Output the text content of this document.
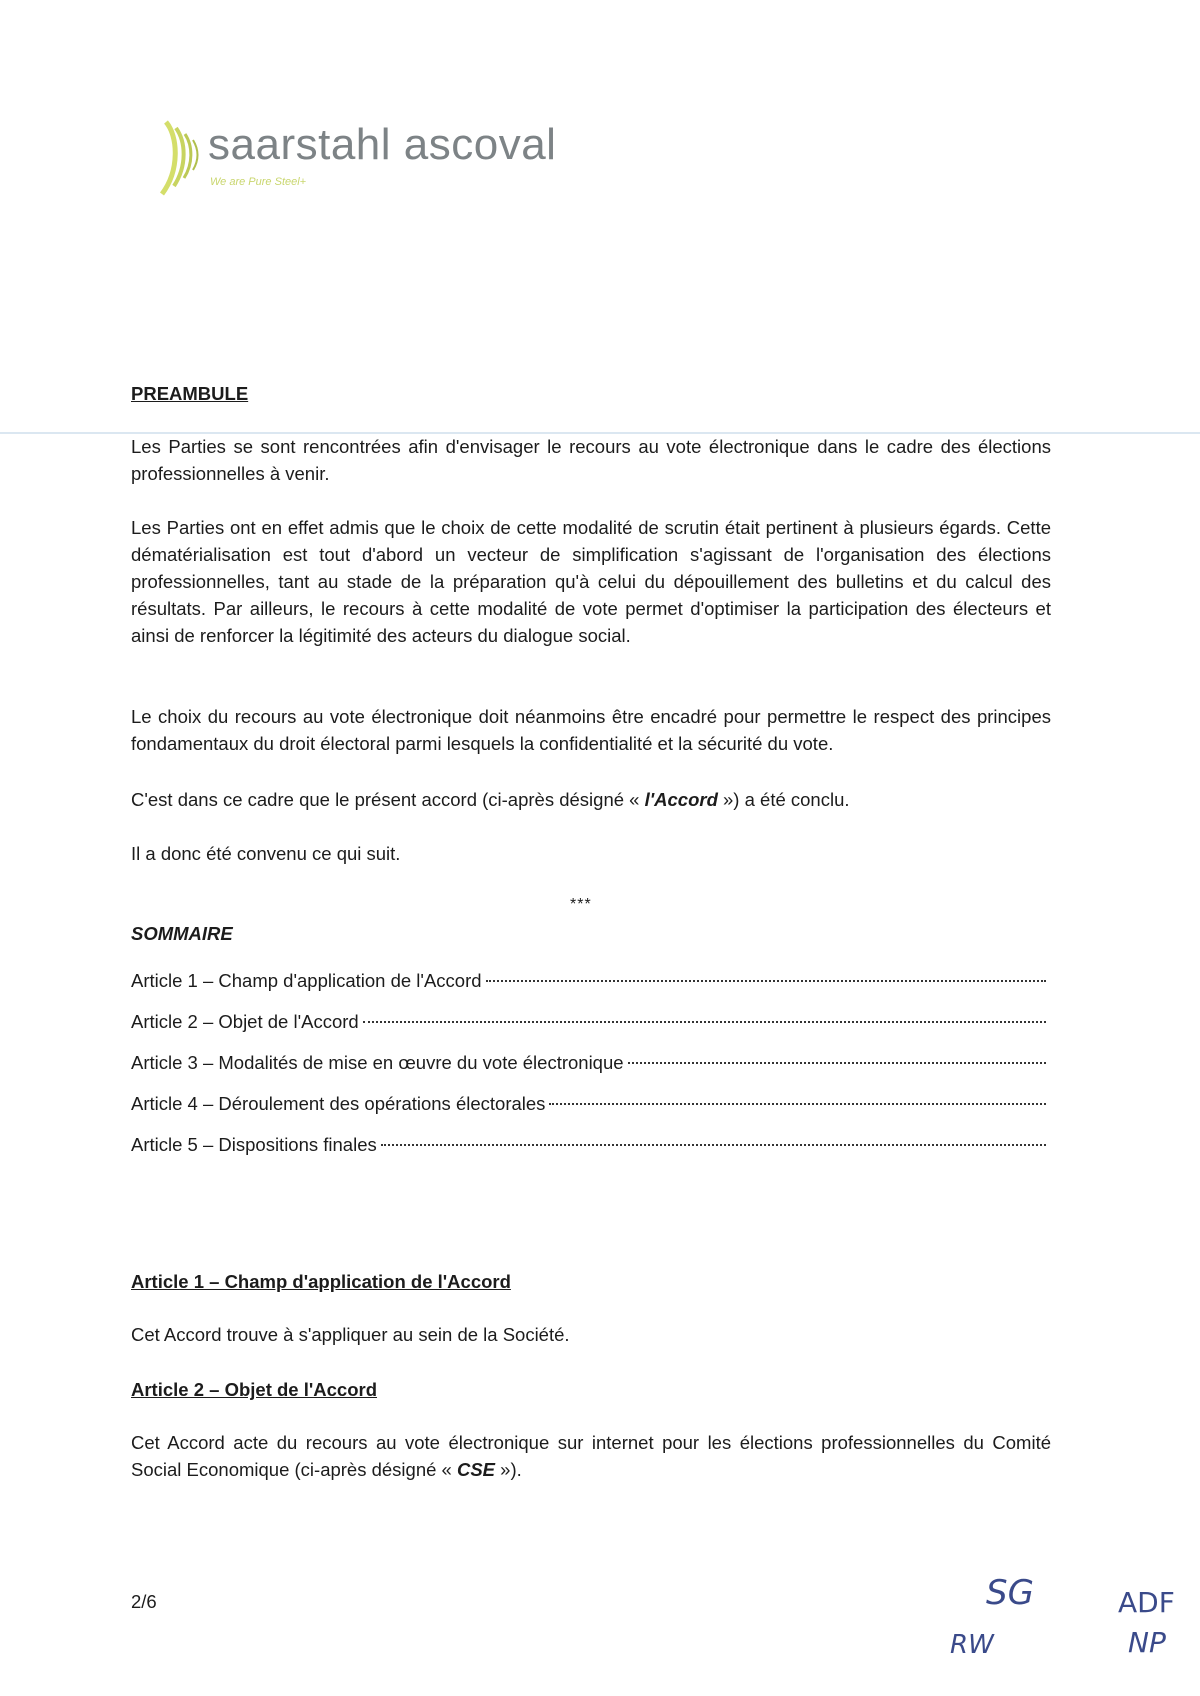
saarstahl ascoval
We are Pure Steel+
PREAMBULE

Les Parties se sont rencontrées afin d'envisager le recours au vote électronique dans le cadre des élections professionnelles à venir.

Les Parties ont en effet admis que le choix de cette modalité de scrutin était pertinent à plusieurs égards. Cette dématérialisation est tout d'abord un vecteur de simplification s'agissant de l'organisation des élections professionnelles, tant au stade de la préparation qu'à celui du dépouillement des bulletins et du calcul des résultats. Par ailleurs, le recours à cette modalité de vote permet d'optimiser la participation des électeurs et ainsi de renforcer la légitimité des acteurs du dialogue social.

Le choix du recours au vote électronique doit néanmoins être encadré pour permettre le respect des principes fondamentaux du droit électoral parmi lesquels la confidentialité et la sécurité du vote.

C'est dans ce cadre que le présent accord (ci-après désigné « l'Accord ») a été conclu.

Il a donc été convenu ce qui suit.

***
SOMMAIRE
Article 1 – Champ d'application de l'Accord
Article 2 – Objet de l'Accord
Article 3 – Modalités de mise en œuvre du vote électronique
Article 4 – Déroulement des opérations électorales
Article 5 – Dispositions finales
Article 1 – Champ d'application de l'Accord

Cet Accord trouve à s'appliquer au sein de la Société.

Article 2 – Objet de l'Accord

Cet Accord acte du recours au vote électronique sur internet pour les élections professionnelles du Comité Social Economique (ci-après désigné « CSE »).

2/6	SG	ADF
RW	NP
